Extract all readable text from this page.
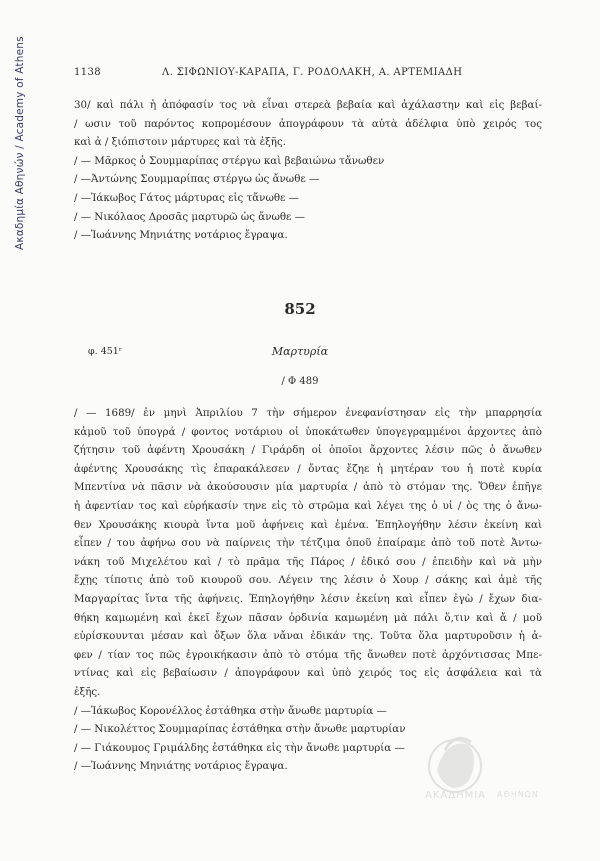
Ακαδημία Αθηνών / Academy of Athens	1138	Λ. ΣΙΦΩΝΙΟΥ-ΚΑΡΑΠΑ, Γ. ΡΟΔΟΛΑΚΗ, Α. ΑΡΤΕΜΙΑΔΗ
30/ καὶ πάλι ἡ ἀπόφασίν τος νὰ εἶναι στερεὰ βεβαία καὶ ἀχάλαστην καὶ εἰς βεβαί-
/ ωσιν τοῦ παρόντος κοπρομέσουν ἀπογράφουν τὰ αὐτὰ ἀδέλφια ὑπὸ χειρός τος
καὶ ἀ / ξιόπιστοιν μάρτυρες καὶ τὰ ἐξῆς.
/ — Μᾶρκος ὁ Σουμμαρίπας στέργω καὶ βεβαιώνω τἄνωθεν
/ —Ἀντώνης Σουμμαρίπας στέργω ὡς ἄνωθε —
/ —Ἰάκωβος Γάτος μάρτυρας εἰς τἄνωθε —
/ — Νικόλαος Δροσᾶς μαρτυρῶ ὡς ἄνωθε —
/ —Ἰωάννης Μηνιάτης νοτάριος ἔγραψα.
852
Μαρτυρία
φ. 451ʳ
/ Φ 489
/ — 1689/ ἐν μηνὶ Ἀπριλίου 7 τὴν σήμερον ἐνεφανίστησαν εἰς τὴν μπαρρησία
κἀμοῦ τοῦ ὑπογρά / φοντος νοτάριου οἱ ὑποκάτωθεν ὑπογεγραμμένοι ἀρχοντες ἀπὸ
ζήτησιν τοῦ ἀφέντη Χρουσάκη / Γιράρδη οἱ ὁποῖοι ἄρχοντες λέσιν πῶς ὁ ἄνωθεν
ἀφέντης Χρουσάκης τὶς ἐπαρακάλεσεν / ὄντας ἔζηε ἡ μητέραν του ἡ ποτὲ κυρία
Μπεντίνα νὰ πᾶσιν νὰ ἀκούσουσιν μία μαρτυρία / ἀπὸ τὸ στόμαν της. Ὅθεν ἐπῆγε
ἡ ἀφεντίαν τος καὶ εὑρήκασίν τηνε εἰς τὸ στρῶμα καὶ λέγει της ὁ υἱ / ὸς της ὁ ἄνω-
θεν Χρουσάκης κιουρὰ ἴντα μοῦ ἀφήνεις καὶ ἐμένα. Ἐπηλογήθην λέσιν ἐκείνη καὶ
εἶπεν / του ἀφήνω σου νὰ παίρνεις τὴν τέτζιμα ὁποῦ ἐπαίραμε ἀπὸ τοῦ ποτὲ Ἀντω-
νάκη τοῦ Μιχελέτου καὶ / τὸ πρᾶμα τῆς Πάρος / ἐδικό σου / ἐπειδὴν καὶ νὰ μὴν
ἔχῃς τίποτις ἀπὸ τοῦ κιουροῦ σου. Λέγειν της λέσιν ὁ Χουρ / σάκης καὶ ἀμὲ τῆς
Μαργαρίτας ἴντα τῆς ἀφήνεις. Ἐπηλογήθην λέσιν ἐκείνη καὶ εἶπεν ἐγὼ / ἔχων δια-
θήκη καμωμένη καὶ ἐκεῖ ἔχων πᾶσαν ὀρδινία καμωμένη μὰ πάλι ὅ,τιν καὶ ἄ / μοῦ
εὑρίσκουνται μέσαν καὶ ὄξων ὅλα νἄναι ἐδικάν της. Τοῦτα ὅλα μαρτυροῦσιν ἡ ἀ-
φεν / τίαν τος πῶς ἐγροικήκασιν ἀπὸ τὸ στόμα τῆς ἄνωθεν ποτὲ ἀρχόντισσας Μπε-
ντίνας καὶ εἰς βεβαίωσιν / ἀπογράφουν καὶ ὑπὸ χειρός τος εἰς ἀσφάλεια καὶ τὰ
ἐξῆς.
/ —Ἰάκωβος Κορονέλλος ἐστάθηκα στὴν ἄνωθε μαρτυρία —
/ — Νικολέττος Σουμμαρίπας ἐστάθηκα στὴν ἄνωθε μαρτυρίαν
/ — Γιάκουμος Γριμάλδης ἐστάθηκα εἰς τὴν ἄνωθε μαρτυρία —
/ —Ἰωάννης Μηνιάτης νοτάριος ἔγραψα.
ΑΚΑΔΗΜΙΑ ΑΘΗΝΩΝ
